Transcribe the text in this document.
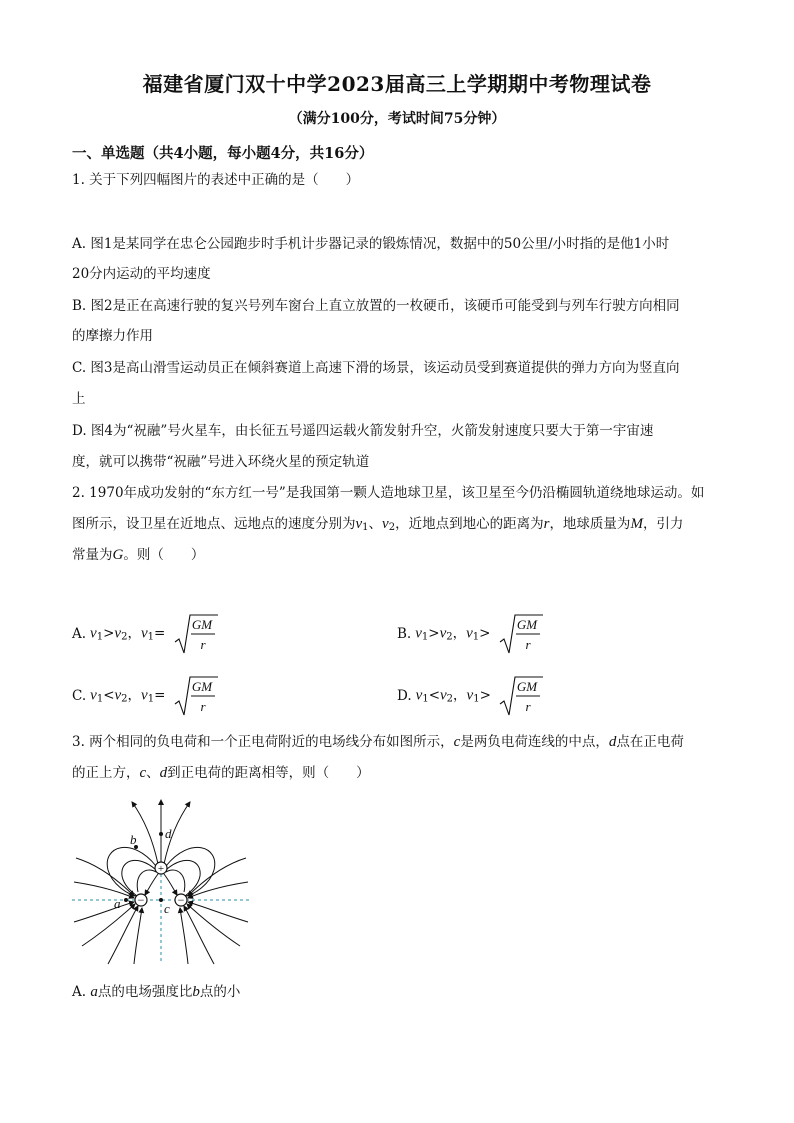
福建省厦门双十中学2023届高三上学期期中考物理试卷
（满分100分，考试时间75分钟）
一、单选题（共4小题，每小题4分，共16分）
1. 关于下列四幅图片的表述中正确的是（　　）
A. 图1是某同学在忠仑公园跑步时手机计步器记录的锻炼情况，数据中的50公里/小时指的是他1小时
20分内运动的平均速度
B. 图2是正在高速行驶的复兴号列车窗台上直立放置的一枚硬币，该硬币可能受到与列车行驶方向相同
的摩擦力作用
C. 图3是高山滑雪运动员正在倾斜赛道上高速下滑的场景，该运动员受到赛道提供的弹力方向为竖直向
上
D. 图4为“祝融”号火星车，由长征五号遥四运载火箭发射升空，火箭发射速度只要大于第一宇宙速
度，就可以携带“祝融”号进入环绕火星的预定轨道
2. 1970年成功发射的“东方红一号”是我国第一颗人造地球卫星，该卫星至今仍沿椭圆轨道绕地球运动。如
图所示，设卫星在近地点、远地点的速度分别为$v_1$、$v_2$，近地点到地心的距离为r，地球质量为M，引力
常量为G。则（　　）
A. $v_1>v_2$，$v_1=$
GM
r
B. $v_1>v_2$，$v_1>$
GM
r
C. $v_1<v_2$，$v_1=$
GM
r
D. $v_1<v_2$，$v_1>$
GM
r
3. 两个相同的负电荷和一个正电荷附近的电场线分布如图所示，c是两负电荷连线的中点，d点在正电荷
的正上方，c、d到正电荷的距离相等，则（　　）
+
−	−
d
b
a	c
A. a点的电场强度比b点的小
